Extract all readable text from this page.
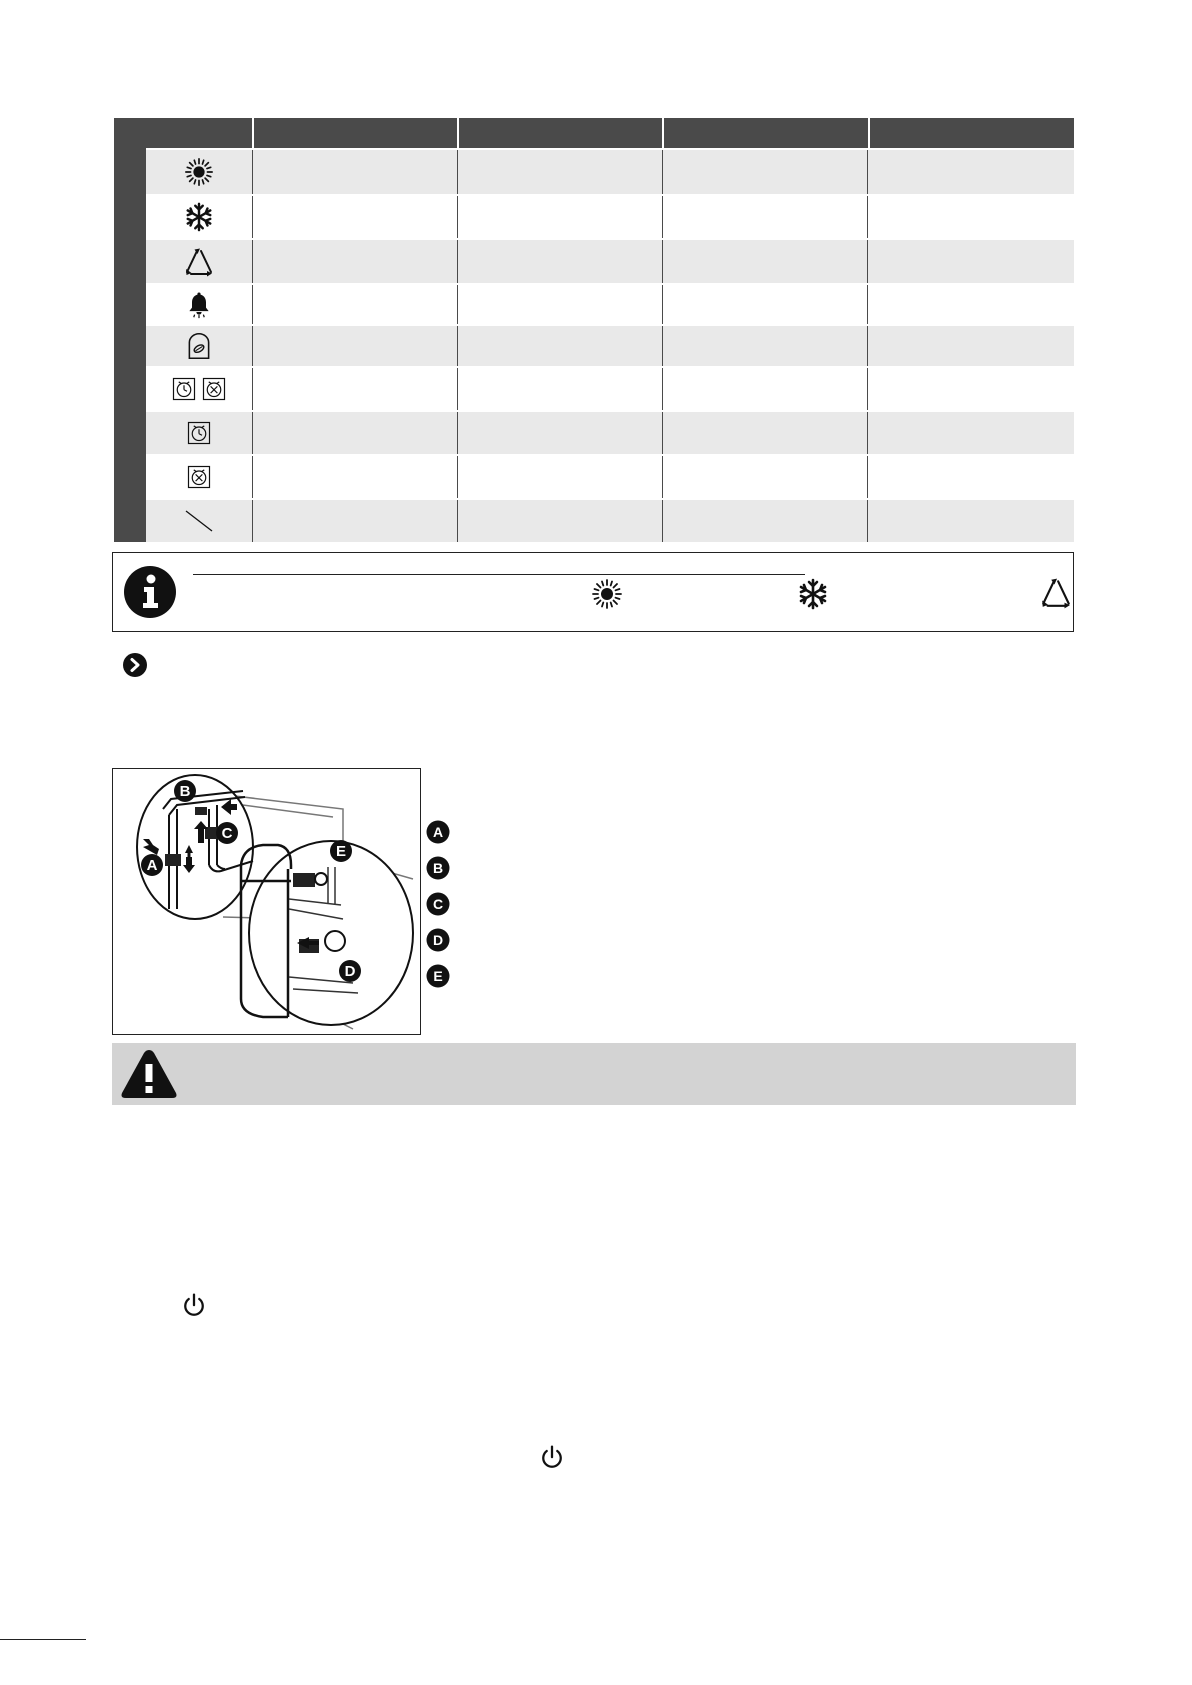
B
C
A
E
D
A
B
C
D
E
